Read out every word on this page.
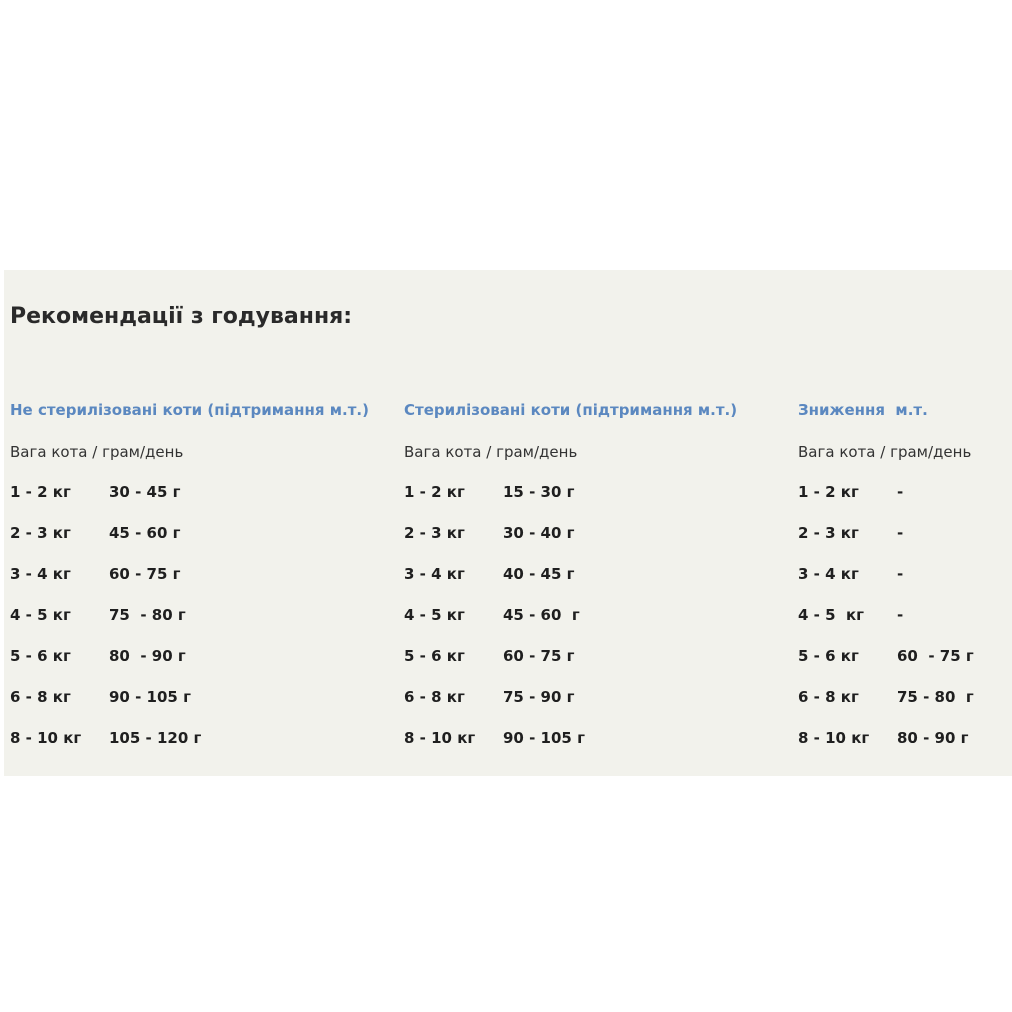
Рекомендації з годування:
Не стерилізовані коти (підтримання м.т.)
Вага кота / грам/день
1 - 2 кг	30 - 45 г
2 - 3 кг	45 - 60 г
3 - 4 кг	60 - 75 г
4 - 5 кг	75  - 80 г
5 - 6 кг	80  - 90 г
6 - 8 кг	90 - 105 г
8 - 10 кг 105 - 120 г
Стерилізовані коти (підтримання м.т.)
Вага кота / грам/день
1 - 2 кг	15 - 30 г
2 - 3 кг	30 - 40 г
3 - 4 кг	40 - 45 г
4 - 5 кг	45 - 60  г
5 - 6 кг	60 - 75 г
6 - 8 кг	75 - 90 г
8 - 10 кг 90 - 105 г
Зниження  м.т.
Вага кота / грам/день
1 - 2 кг	-
2 - 3 кг	-
3 - 4 кг	-
4 - 5  кг -
5 - 6 кг	60  - 75 г
6 - 8 кг	75 - 80  г
8 - 10 кг 80 - 90 г
